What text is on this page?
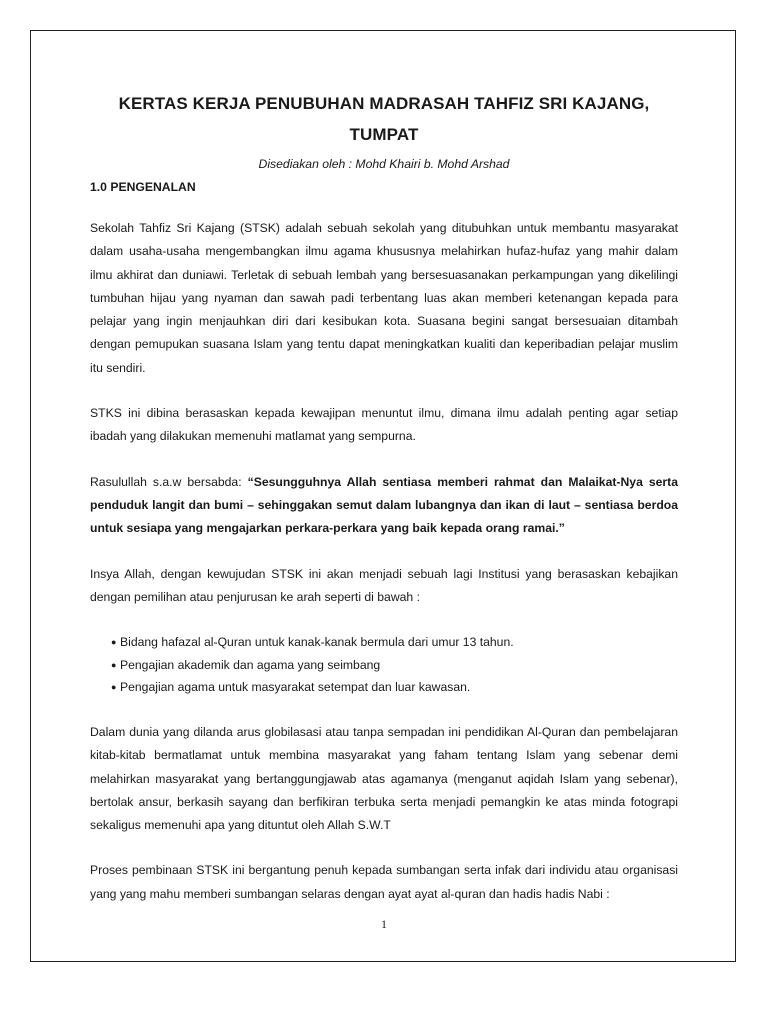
KERTAS KERJA PENUBUHAN MADRASAH TAHFIZ SRI KAJANG,
TUMPAT

Disediakan oleh : Mohd Khairi b. Mohd Arshad

1.0 PENGENALAN

Sekolah Tahfiz Sri Kajang (STSK) adalah sebuah sekolah yang ditubuhkan untuk membantu masyarakat dalam usaha-usaha mengembangkan ilmu agama khususnya melahirkan hufaz-hufaz yang mahir dalam ilmu akhirat dan duniawi. Terletak di sebuah lembah yang bersesuasanakan perkampungan yang dikelilingi tumbuhan hijau yang nyaman dan sawah padi terbentang luas akan memberi ketenangan kepada para pelajar yang ingin menjauhkan diri dari kesibukan kota. Suasana begini sangat bersesuaian ditambah dengan pemupukan suasana Islam yang tentu dapat meningkatkan kualiti dan keperibadian pelajar muslim itu sendiri.

STKS ini dibina berasaskan kepada kewajipan menuntut ilmu, dimana ilmu adalah penting agar setiap ibadah yang dilakukan memenuhi matlamat yang sempurna.

Rasulullah s.a.w bersabda: “Sesungguhnya Allah sentiasa memberi rahmat dan Malaikat-Nya serta penduduk langit dan bumi – sehinggakan semut dalam lubangnya dan ikan di laut – sentiasa berdoa untuk sesiapa yang mengajarkan perkara-perkara yang baik kepada orang ramai.”

Insya Allah, dengan kewujudan STSK ini akan menjadi sebuah lagi Institusi yang berasaskan kebajikan dengan pemilihan atau penjurusan ke arah seperti di bawah :

● Bidang hafazal al-Quran untuk kanak-kanak bermula dari umur 13 tahun.
● Pengajian akademik dan agama yang seimbang
● Pengajian agama untuk masyarakat setempat dan luar kawasan.

Dalam dunia yang dilanda arus globilasasi atau tanpa sempadan ini pendidikan Al-Quran dan pembelajaran kitab-kitab bermatlamat untuk membina masyarakat yang faham tentang Islam yang sebenar demi melahirkan masyarakat yang bertanggungjawab atas agamanya (menganut aqidah Islam yang sebenar), bertolak ansur, berkasih sayang dan berfikiran terbuka serta menjadi pemangkin ke atas minda fotograpi sekaligus memenuhi apa yang dituntut oleh Allah S.W.T

Proses pembinaan STSK ini bergantung penuh kepada sumbangan serta infak dari individu atau organisasi yang yang mahu memberi sumbangan selaras dengan ayat ayat al-quran dan hadis hadis Nabi :

1
